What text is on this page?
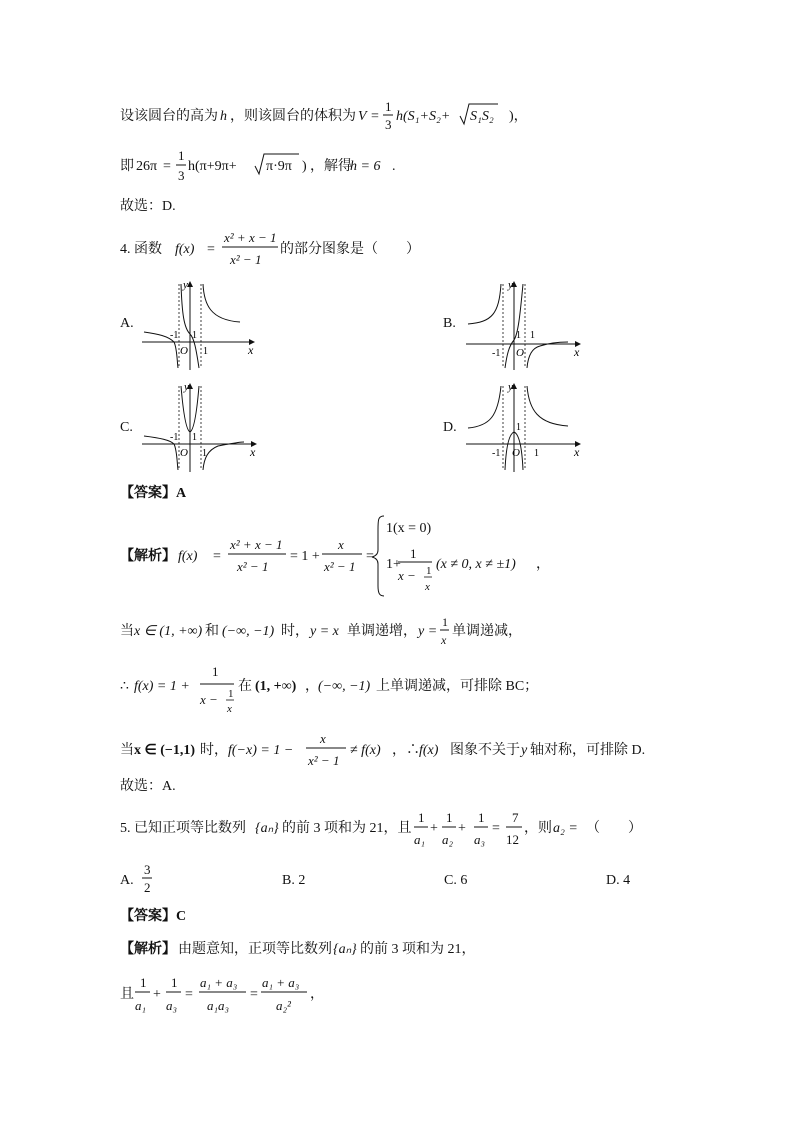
设该圆台的高为 h ，则该圆台的体积为 V =
1
3
h(S₁+S₂+ S₁S₂ )，
即 26π =
1
3
h(π+9π+ π·9π ) ，解得
h = 6 .
故选：D.
4. 函数 f(x) =
x² + x − 1
x² − 1
的部分图象是（　　）
A.	B.
C.	D.
x
y
O
1
-1
1	x
y
O
1
-1
1
x
y
O
1
-1
1	x
y
O
1
-1	1
【答案】A
【解析】 f(x) =
x² + x − 1
x² − 1
= 1 +
x
x² − 1
=
1(x = 0)
1+
1
x − 1
x
(x ≠ 0, x ≠ ±1) ，
当 x ∈ (1, +∞) 和 (−∞, −1) 时， y = x 单调递增， y =
1
x
单调递减，
∴ f(x) = 1 +
1
x − 1
x
在 (1, +∞) ， (−∞, −1) 上单调递减，可排除 BC；
当 x ∈ (−1,1) 时， f(−x) = 1 −
x
x² − 1
≠ f(x) ，∴ f(x) 图象不关于 y 轴对称，可排除 D.
故选：A.
5. 已知正项等比数列 {aₙ} 的前 3 项和为 21，且
1
a₁
+
1
a₂
+
1
a₃
=
7
12
，则 a₂ = （　　）
A.
3
2	B. 2	C. 6	D. 4
【答案】C
【解析】 由题意知，正项等比数列 {aₙ} 的前 3 项和为 21，
且
1
a₁
+
1
a₃
=
a₁ + a₃
a₁a₃
=
a₁ + a₃
a₂²
，
